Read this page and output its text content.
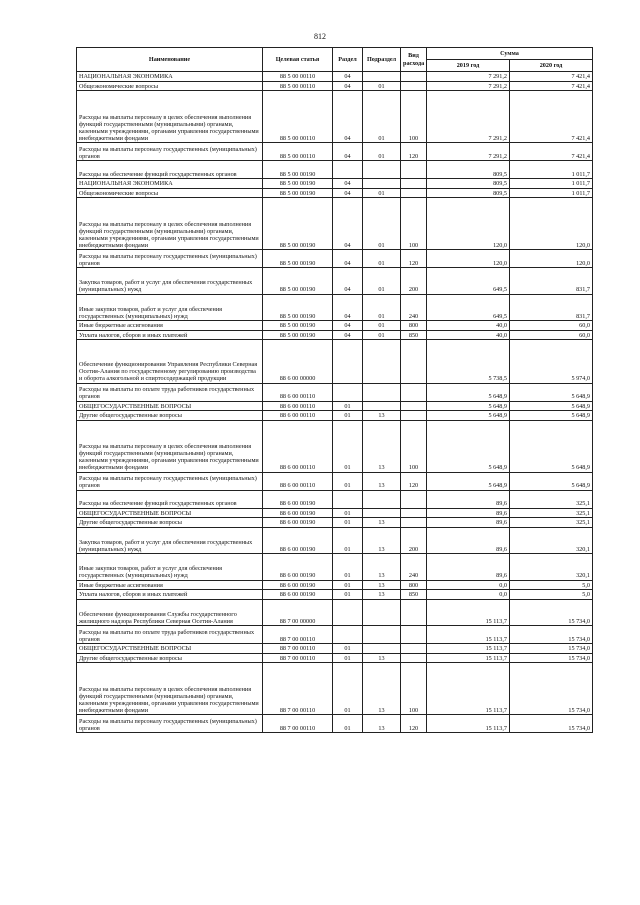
812
Наименование	Целевая статья	Раздел	Подраздел	Вид расхода	Сумма	
					2019 год	2020 год
НАЦИОНАЛЬНАЯ ЭКОНОМИКА	88 5 00 00110	04			7 291,2	7 421,4
Общеэкономические вопросы	88 5 00 00110	04	01		7 291,2	7 421,4
Расходы на выплаты персоналу в целях обеспечения выполнения функций государственными (муниципальными) органами, казенными учреждениями, органами управления государственными внебюджетными фондами	88 5 00 00110	04	01	100	7 291,2	7 421,4
Расходы на выплаты персоналу государственных (муниципальных) органов	88 5 00 00110	04	01	120	7 291,2	7 421,4
Расходы на обеспечение функций государственных органов	88 5 00 00190				809,5	1 011,7
НАЦИОНАЛЬНАЯ ЭКОНОМИКА	88 5 00 00190	04			809,5	1 011,7
Общеэкономические вопросы	88 5 00 00190	04	01		809,5	1 011,7
Расходы на выплаты персоналу в целях обеспечения выполнения функций государственными (муниципальными) органами, казенными учреждениями, органами управления государственными внебюджетными фондами	88 5 00 00190	04	01	100	120,0	120,0
Расходы на выплаты персоналу государственных (муниципальных) органов	88 5 00 00190	04	01	120	120,0	120,0
Закупка товаров, работ и услуг для обеспечения государственных (муниципальных) нужд	88 5 00 00190	04	01	200	649,5	831,7
Иные закупки товаров, работ и услуг для обеспечения государственных (муниципальных) нужд	88 5 00 00190	04	01	240	649,5	831,7
Иные бюджетные ассигнования	88 5 00 00190	04	01	800	40,0	60,0
Уплата налогов, сборов и иных платежей	88 5 00 00190	04	01	850	40,0	60,0
Обеспечение функционирования Управления Республики Северная Осетия-Алания по государственному регулированию производства и оборота алкогольной и спиртосодержащей продукции	88 6 00 00000				5 738,5	5 974,0
Расходы на выплаты по оплате труда работников государственных органов	88 6 00 00110				5 648,9	5 648,9
ОБЩЕГОСУДАРСТВЕННЫЕ ВОПРОСЫ	88 6 00 00110	01			5 648,9	5 648,9
Другие общегосударственные вопросы	88 6 00 00110	01	13		5 648,9	5 648,9
Расходы на выплаты персоналу в целях обеспечения выполнения функций государственными (муниципальными) органами, казенными учреждениями, органами управления государственными внебюджетными фондами	88 6 00 00110	01	13	100	5 648,9	5 648,9
Расходы на выплаты персоналу государственных (муниципальных) органов	88 6 00 00110	01	13	120	5 648,9	5 648,9
Расходы на обеспечение функций государственных органов	88 6 00 00190				89,6	325,1
ОБЩЕГОСУДАРСТВЕННЫЕ ВОПРОСЫ	88 6 00 00190	01			89,6	325,1
Другие общегосударственные вопросы	88 6 00 00190	01	13		89,6	325,1
Закупка товаров, работ и услуг для обеспечения государственных (муниципальных) нужд	88 6 00 00190	01	13	200	89,6	320,1
Иные закупки товаров, работ и услуг для обеспечения государственных (муниципальных) нужд	88 6 00 00190	01	13	240	89,6	320,1
Иные бюджетные ассигнования	88 6 00 00190	01	13	800	0,0	5,0
Уплата налогов, сборов и иных платежей	88 6 00 00190	01	13	850	0,0	5,0
Обеспечение функционирования Службы государственного жилищного надзора Республики Северная Осетия-Алания	88 7 00 00000				15 113,7	15 734,0
Расходы на выплаты по оплате труда работников государственных органов	88 7 00 00110				15 113,7	15 734,0
ОБЩЕГОСУДАРСТВЕННЫЕ ВОПРОСЫ	88 7 00 00110	01			15 113,7	15 734,0
Другие общегосударственные вопросы	88 7 00 00110	01	13		15 113,7	15 734,0
Расходы на выплаты персоналу в целях обеспечения выполнения функций государственными (муниципальными) органами, казенными учреждениями, органами управления государственными внебюджетными фондами	88 7 00 00110	01	13	100	15 113,7	15 734,0
Расходы на выплаты персоналу государственных (муниципальных) органов	88 7 00 00110	01	13	120	15 113,7	15 734,0
